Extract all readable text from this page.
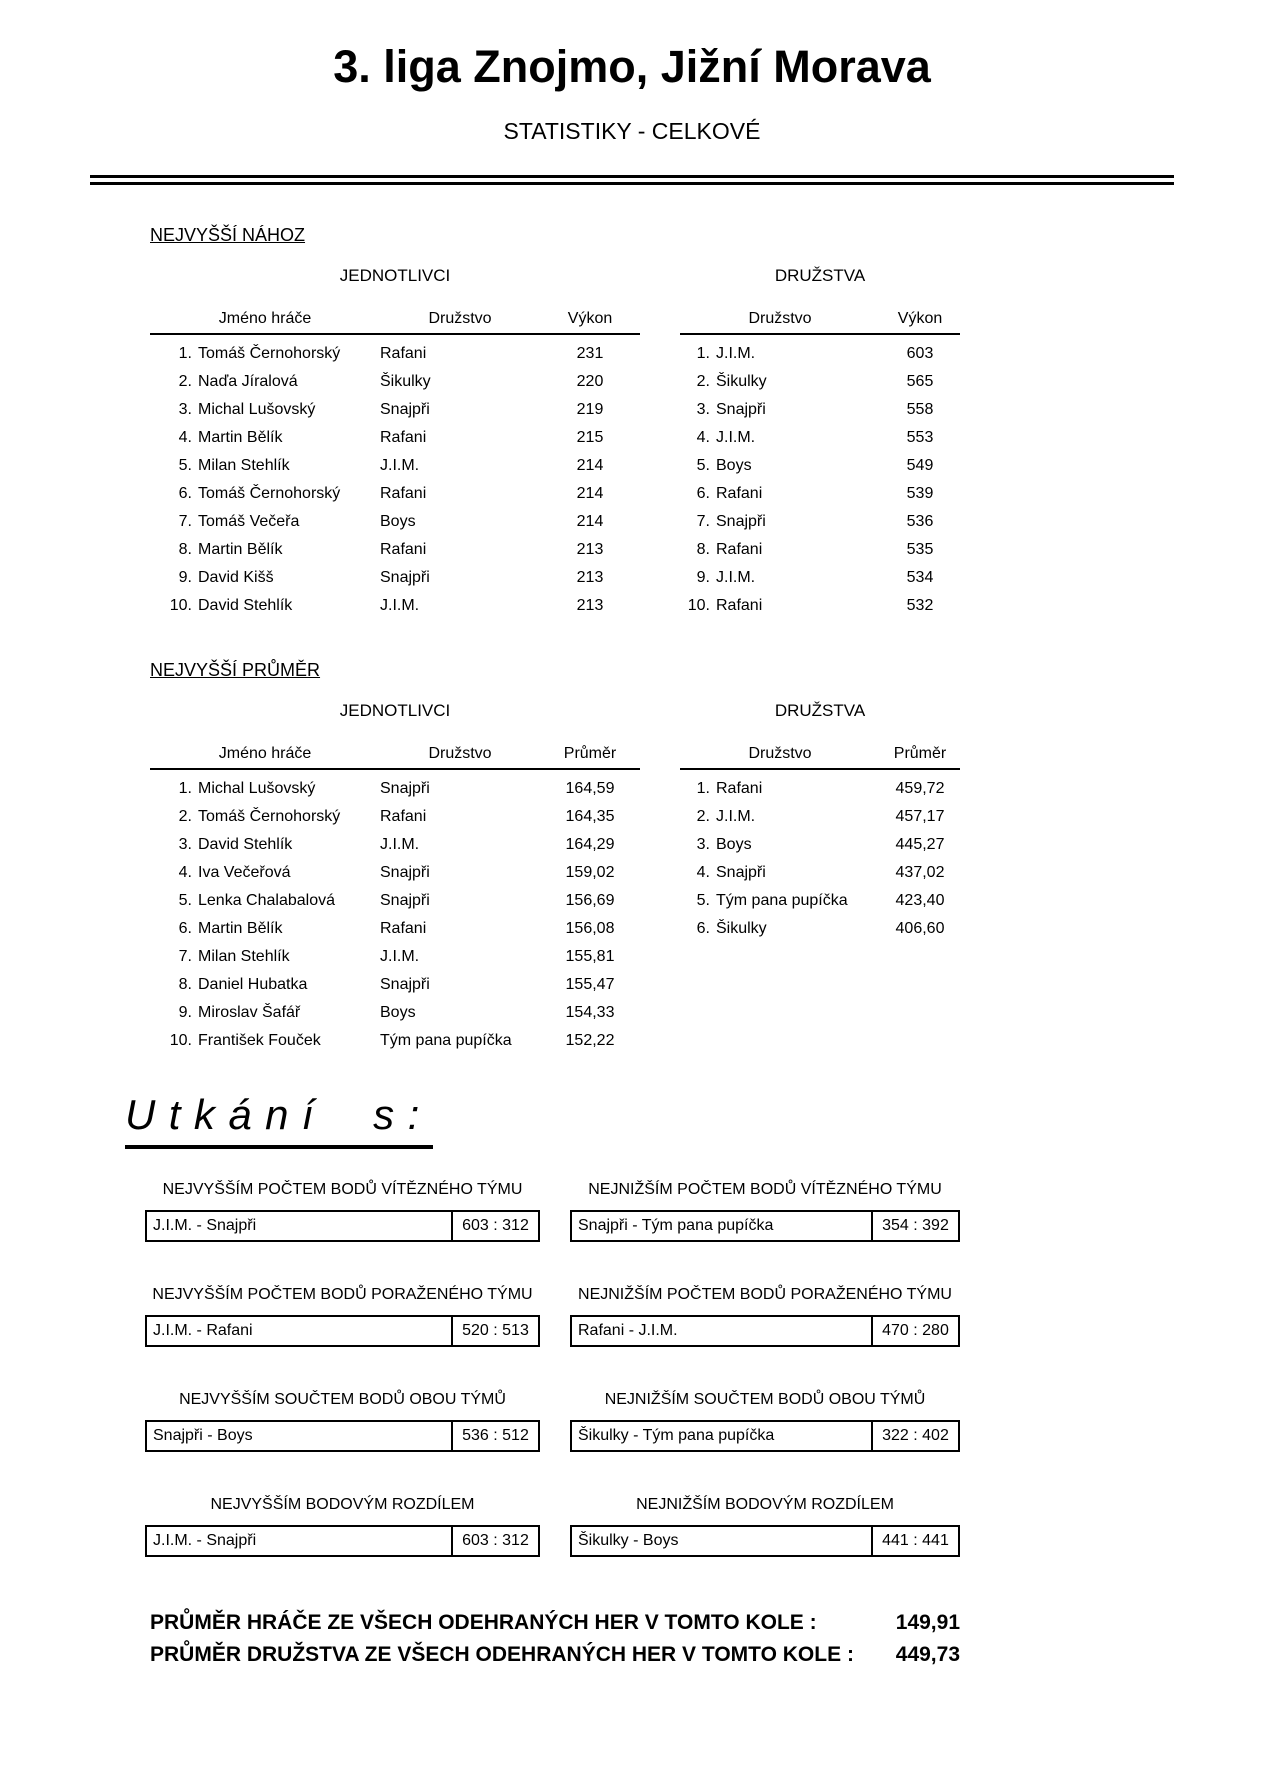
3. liga Znojmo, Jižní Morava
STATISTIKY - CELKOVÉ
NEJVYŠŠÍ NÁHOZ
JEDNOTLIVCI
Jméno hráče	Družstvo	Výkon
1. Tomáš Černohorský	Rafani	231
2. Naďa Jíralová	Šikulky	220
3. Michal Lušovský	Snajpři	219
4. Martin Bělík	Rafani	215
5. Milan Stehlík	J.I.M.	214
6. Tomáš Černohorský	Rafani	214
7. Tomáš Večeřa	Boys	214
8. Martin Bělík	Rafani	213
9. David Kišš	Snajpři	213
10. David Stehlík	J.I.M.	213
DRUŽSTVA
Družstvo	Výkon
1. J.I.M.	603
2. Šikulky	565
3. Snajpři	558
4. J.I.M.	553
5. Boys	549
6. Rafani	539
7. Snajpři	536
8. Rafani	535
9. J.I.M.	534
10. Rafani	532
NEJVYŠŠÍ PRŮMĚR
JEDNOTLIVCI
Jméno hráče	Družstvo	Průměr
1. Michal Lušovský	Snajpři	164,59
2. Tomáš Černohorský	Rafani	164,35
3. David Stehlík	J.I.M.	164,29
4. Iva Večeřová	Snajpři	159,02
5. Lenka Chalabalová	Snajpři	156,69
6. Martin Bělík	Rafani	156,08
7. Milan Stehlík	J.I.M.	155,81
8. Daniel Hubatka	Snajpři	155,47
9. Miroslav Šafář	Boys	154,33
10. František Fouček	Tým pana pupíčka	152,22
DRUŽSTVA
Družstvo	Průměr
1. Rafani	459,72
2. J.I.M.	457,17
3. Boys	445,27
4. Snajpři	437,02
5. Tým pana pupíčka	423,40
6. Šikulky	406,60
Utkání s:
NEJVYŠŠÍM POČTEM BODŮ VÍTĚZNÉHO TÝMU
J.I.M. - Snajpři	603 : 312
NEJNIŽŠÍM POČTEM BODŮ VÍTĚZNÉHO TÝMU
Snajpři - Tým pana pupíčka	354 : 392
NEJVYŠŠÍM POČTEM BODŮ PORAŽENÉHO TÝMU
J.I.M. - Rafani	520 : 513
NEJNIŽŠÍM POČTEM BODŮ PORAŽENÉHO TÝMU
Rafani - J.I.M.	470 : 280
NEJVYŠŠÍM SOUČTEM BODŮ OBOU TÝMŮ
Snajpři - Boys	536 : 512
NEJNIŽŠÍM SOUČTEM BODŮ OBOU TÝMŮ
Šikulky - Tým pana pupíčka	322 : 402
NEJVYŠŠÍM BODOVÝM ROZDÍLEM
J.I.M. - Snajpři	603 : 312
NEJNIŽŠÍM BODOVÝM ROZDÍLEM
Šikulky - Boys	441 : 441
PRŮMĚR HRÁČE ZE VŠECH ODEHRANÝCH HER V TOMTO KOLE :	149,91
PRŮMĚR DRUŽSTVA ZE VŠECH ODEHRANÝCH HER V TOMTO KOLE : 449,73
